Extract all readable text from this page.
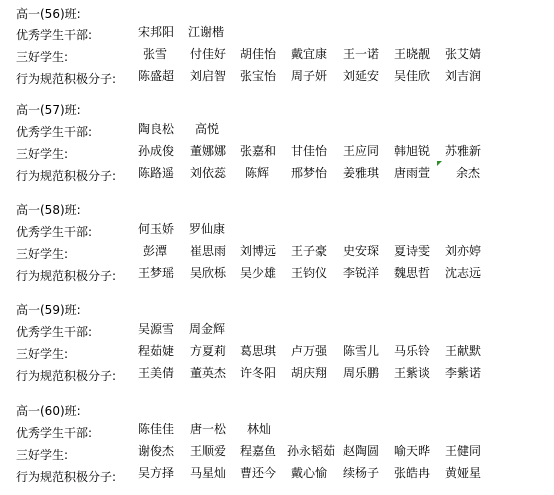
高一(56)班:
优秀学生干部:	宋邦阳 江谢楷
三好学生:	张雪 付佳好 胡佳怡 戴宜康 王一诺 王晓靓 张艾婧
行为规范积极分子: 陈盛超 刘启智 张宝怡 周子妍 刘延安 吴佳欣 刘吉润
高一(57)班:
优秀学生干部:	陶良松 高悦
三好学生:	孙成俊 董娜娜 张嘉和 甘佳怡 王应同 韩旭锐 苏雅新
行为规范积极分子: 陈路遥 刘依蕊 陈辉 邢梦怡 姜雅琪 唐雨萱 余杰
高一(58)班:
优秀学生干部:	何玉娇 罗仙康
三好学生:	彭潭 崔思雨 刘博远 王子豪 史安琛 夏诗雯 刘亦婷
行为规范积极分子: 王梦瑶 吴欣栎 吴少雄 王钧仪 李锐洋 魏思哲 沈志远
高一(59)班:
优秀学生干部:	吴源雪 周金辉
三好学生:	程茹婕 方夏莉 葛思琪 卢万强 陈雪儿 马乐铃 王献默
行为规范积极分子: 王美倩 董英杰 许冬阳 胡庆翔 周乐鹏 王紫谈 李紫诺
高一(60)班:
优秀学生干部:	陈佳佳 唐一松 林灿
三好学生:	谢俊杰 王顺爱 程嘉鱼 孙永韬茹 赵陶圆 喻天晔 王健同
行为规范积极分子: 吴方择 马星灿 曹还今 戴心愉 续杨子 张皓冉 黄娅星
